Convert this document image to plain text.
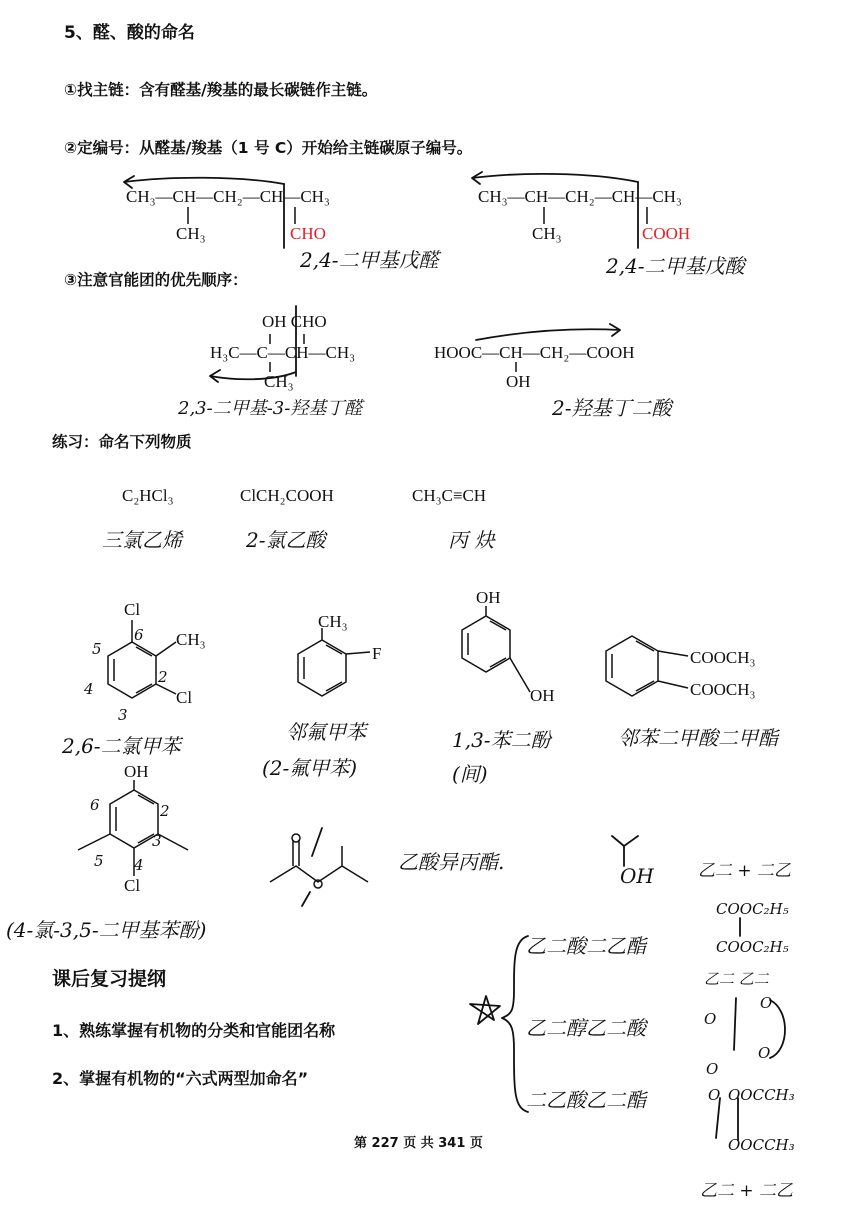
5、醛、酸的命名
①找主链：含有醛基/羧基的最长碳链作主链。
②定编号：从醛基/羧基（1 号 C）开始给主链碳原子编号。
CH₃—CH—CH₂—CH—CH₃
CH₃	CHO
2,4-二甲基戊醛
CH₃—CH—CH₂—CH—CH₃
CH₃	COOH
2,4-二甲基戊酸
③注意官能团的优先顺序：
OH CHO
H₃C—C—CH—CH₃
CH₃
2,3-二甲基-3-羟基丁醛
HOOC—CH—CH₂—COOH
OH
2-羟基丁二酸
练习：命名下列物质
C₂HCl₃	ClCH₂COOH	CH₃C≡CH
三氯乙烯	2-氯乙酸	丙 炔
Cl
CH₃
Cl
6
5
4
3
2
2,6-二氯甲苯
CH₃
F
邻氟甲苯
(2-氟甲苯)
OH
OH
1,3-苯二酚
(间)
COOCH₃
COOCH₃
邻苯二甲酸二甲酯
OH
Cl
6	2
3
5 4
(4-氯-3,5-二甲基苯酚)
乙酸异丙酯.
OH
课后复习提纲
1、熟练掌握有机物的分类和官能团名称
2、掌握有机物的“六式两型加命名”
乙二酸二乙酯
乙二醇乙二酸
二乙酸乙二酯
乙二 + 二乙
COOC₂H₅
COOC₂H₅
乙二 乙二
O
O
O
O
O OOCCH₃
OOCCH₃
乙二 + 二乙
第 227 页 共 341 页
